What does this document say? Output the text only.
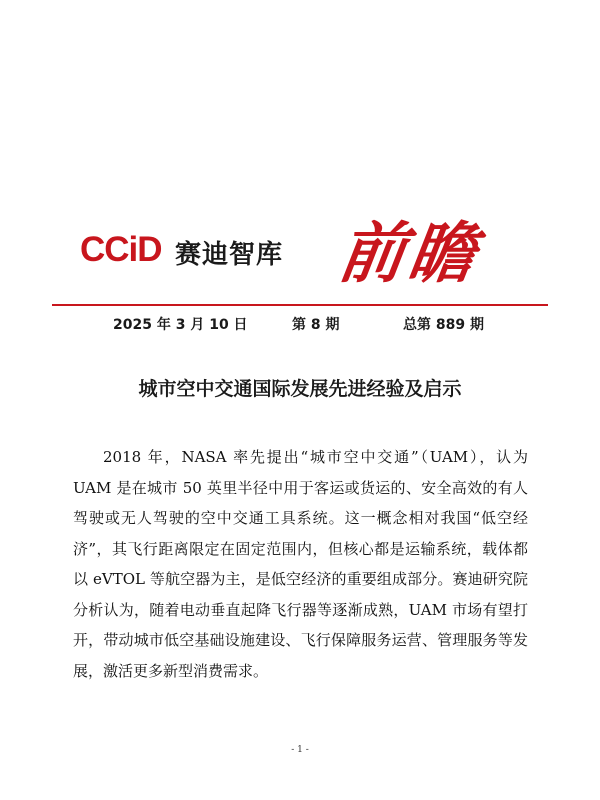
CCiD 赛迪智库 前瞻
2025 年 3 月 10 日	第 8 期	总第 889 期
城市空中交通国际发展先进经验及启示

2018 年，NASA 率先提出“城市空中交通”（UAM），认为 UAM 是在城市 50 英里半径中用于客运或货运的、安全高效的有人驾驶或无人驾驶的空中交通工具系统。这一概念相对我国“低空经济”，其飞行距离限定在固定范围内，但核心都是运输系统，载体都以 eVTOL 等航空器为主，是低空经济的重要组成部分。赛迪研究院分析认为，随着电动垂直起降飞行器等逐渐成熟，UAM 市场有望打开，带动城市低空基础设施建设、飞行保障服务运营、管理服务等发展，激活更多新型消费需求。

- 1 -
